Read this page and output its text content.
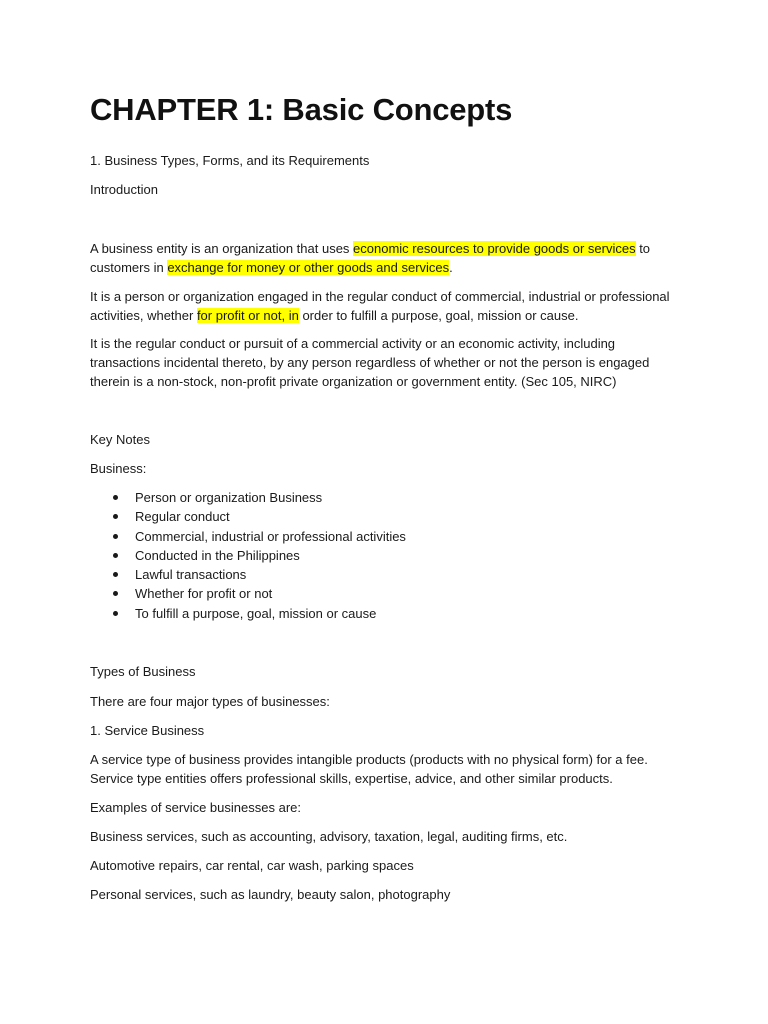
CHAPTER 1: Basic Concepts

1. Business Types, Forms, and its Requirements

Introduction

A business entity is an organization that uses economic resources to provide goods or services to customers in exchange for money or other goods and services.

It is a person or organization engaged in the regular conduct of commercial, industrial or professional activities, whether for profit or not, in order to fulfill a purpose, goal, mission or cause.

It is the regular conduct or pursuit of a commercial activity or an economic activity, including transactions incidental thereto, by any person regardless of whether or not the person is engaged therein is a non-stock, non-profit private organization or government entity. (Sec 105, NIRC)

Key Notes

Business:

Person or organization Business
Regular conduct
Commercial, industrial or professional activities
Conducted in the Philippines
Lawful transactions
Whether for profit or not
To fulfill a purpose, goal, mission or cause

Types of Business

There are four major types of businesses:

1. Service Business

A service type of business provides intangible products (products with no physical form) for a fee. Service type entities offers professional skills, expertise, advice, and other similar products.

Examples of service businesses are:

Business services, such as accounting, advisory, taxation, legal, auditing firms, etc.

Automotive repairs, car rental, car wash, parking spaces

Personal services, such as laundry, beauty salon, photography
